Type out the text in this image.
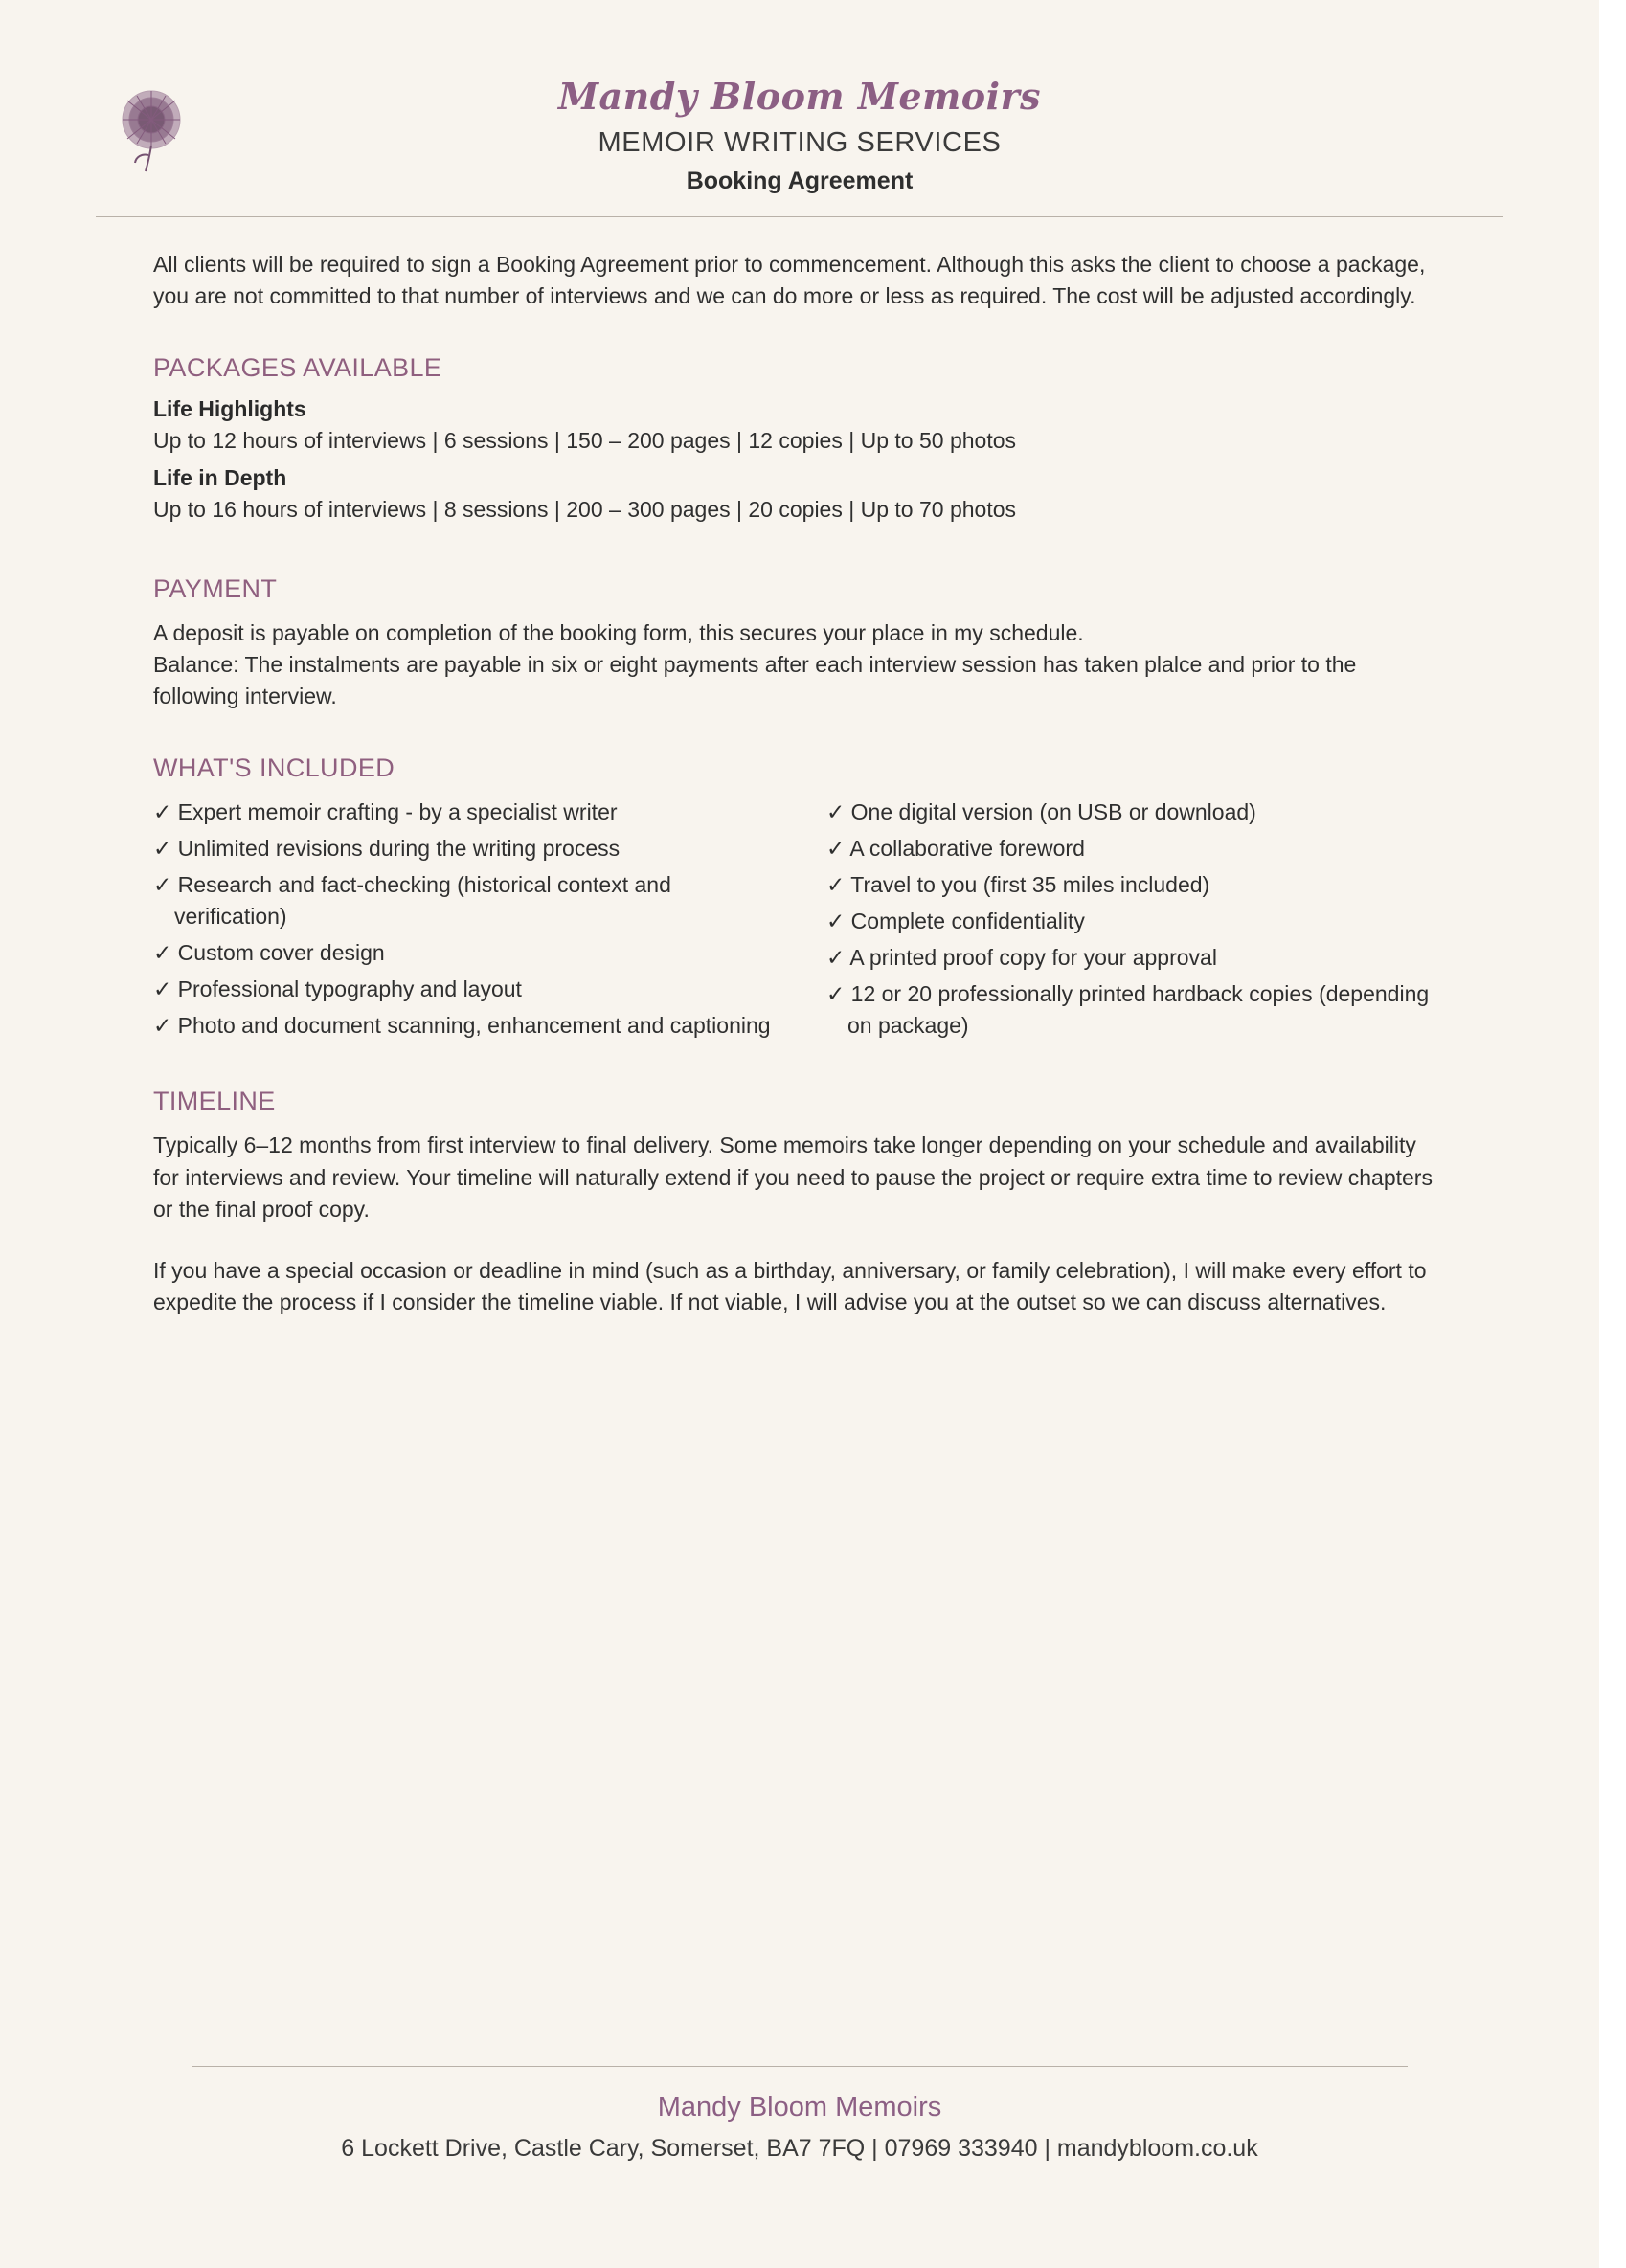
Mandy Bloom Memoirs
MEMOIR WRITING SERVICES
Booking Agreement

All clients will be required to sign a Booking Agreement prior to commencement. Although this asks the client to choose a package, you are not committed to that number of interviews and we can do more or less as required. The cost will be adjusted accordingly.

PACKAGES AVAILABLE
Life Highlights
Up to 12 hours of interviews | 6 sessions | 150 – 200 pages | 12 copies | Up to 50 photos
Life in Depth
Up to 16 hours of interviews | 8 sessions | 200 – 300 pages | 20 copies | Up to 70 photos
PAYMENT

A deposit is payable on completion of the booking form, this secures your place in my schedule.

Balance: The instalments are payable in six or eight payments after each interview session has taken plalce and prior to the following interview.

WHAT'S INCLUDED

✓ Expert memoir crafting - by a specialist writer

✓ Unlimited revisions during the writing process

✓ Research and fact-checking (historical context and verification)

✓ Custom cover design

✓ Professional typography and layout

✓ Photo and document scanning, enhancement and captioning

✓ One digital version (on USB or download)

✓ A collaborative foreword

✓ Travel to you (first 35 miles included)

✓ Complete confidentiality

✓ A printed proof copy for your approval

✓ 12 or 20 professionally printed hardback copies (depending on package)

TIMELINE

Typically 6–12 months from first interview to final delivery. Some memoirs take longer depending on your schedule and availability for interviews and review. Your timeline will naturally extend if you need to pause the project or require extra time to review chapters or the final proof copy.

If you have a special occasion or deadline in mind (such as a birthday, anniversary, or family celebration), I will make every effort to expedite the process if I consider the timeline viable. If not viable, I will advise you at the outset so we can discuss alternatives.

Mandy Bloom Memoirs
6 Lockett Drive, Castle Cary, Somerset, BA7 7FQ | 07969 333940 | mandybloom.co.uk
